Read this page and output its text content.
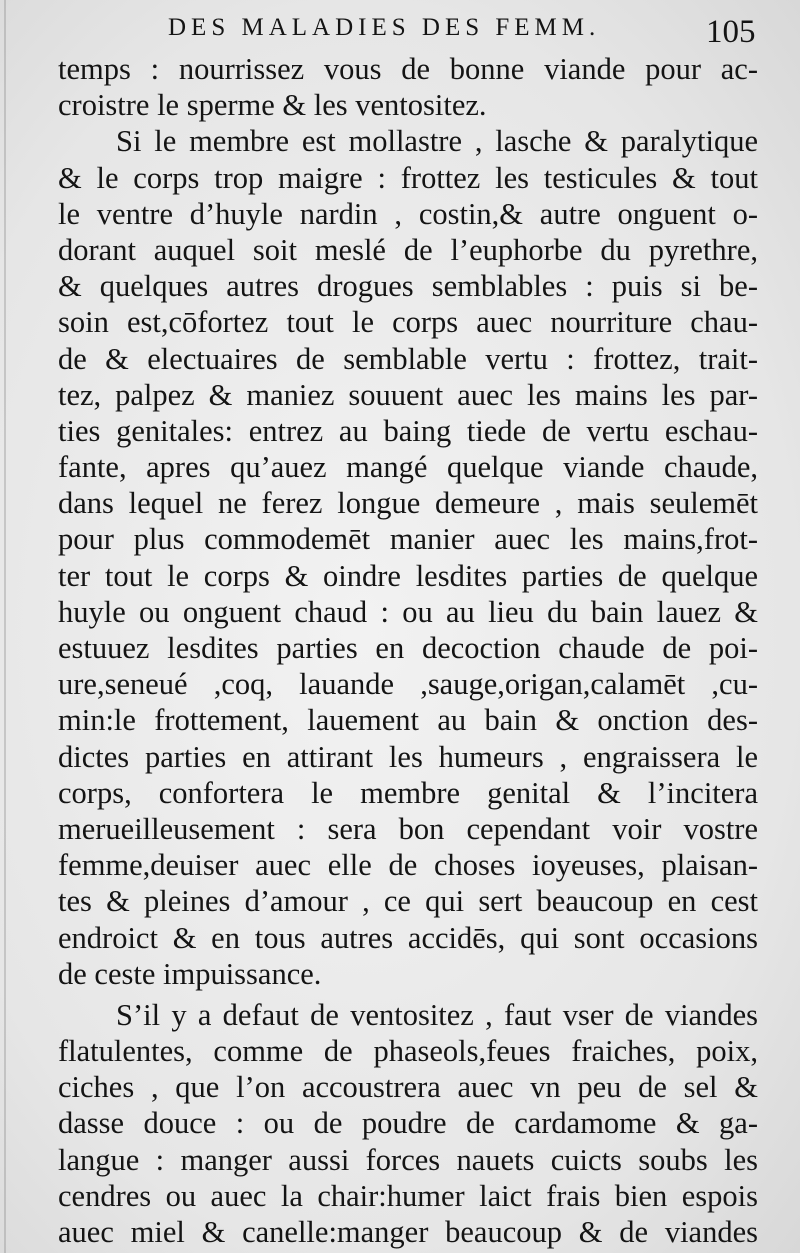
DES MALADIES DES FEMM.	105
temps : nourrissez vous de bonne viande pour ac-
croistre le sperme & les ventositez.
Si le membre est mollastre , lasche & paralytique
& le corps trop maigre : frottez les testicules & tout
le ventre d’huyle nardin , costin,& autre onguent o-
dorant auquel soit meslé de l’euphorbe du pyrethre,
& quelques autres drogues semblables : puis si be-
soin est,cōfortez tout le corps auec nourriture chau-
de & electuaires de semblable vertu : frottez, trait-
tez, palpez & maniez souuent auec les mains les par-
ties genitales: entrez au baing tiede de vertu eschau-
fante, apres qu’auez mangé quelque viande chaude,
dans lequel ne ferez longue demeure , mais seulemēt
pour plus commodemēt manier auec les mains,frot-
ter tout le corps & oindre lesdites parties de quelque
huyle ou onguent chaud : ou au lieu du bain lauez &
estuuez lesdites parties en decoction chaude de poi-
ure,seneué ,coq, lauande ,sauge,origan,calamēt ,cu-
min:le frottement, lauement au bain & onction des-
dictes parties en attirant les humeurs , engraissera le
corps, confortera le membre genital & l’incitera
merueilleusement : sera bon cependant voir vostre
femme,deuiser auec elle de choses ioyeuses, plaisan-
tes & pleines d’amour , ce qui sert beaucoup en cest
endroict & en tous autres accidēs, qui sont occasions
de ceste impuissance.
S’il y a defaut de ventositez , faut vser de viandes
flatulentes, comme de phaseols,feues fraiches, poix,
ciches , que l’on accoustrera auec vn peu de sel &
dasse douce : ou de poudre de cardamome & ga-
langue : manger aussi forces nauets cuicts soubs les
cendres ou auec la chair:humer laict frais bien espois
auec miel & canelle:manger beaucoup & de viandes
